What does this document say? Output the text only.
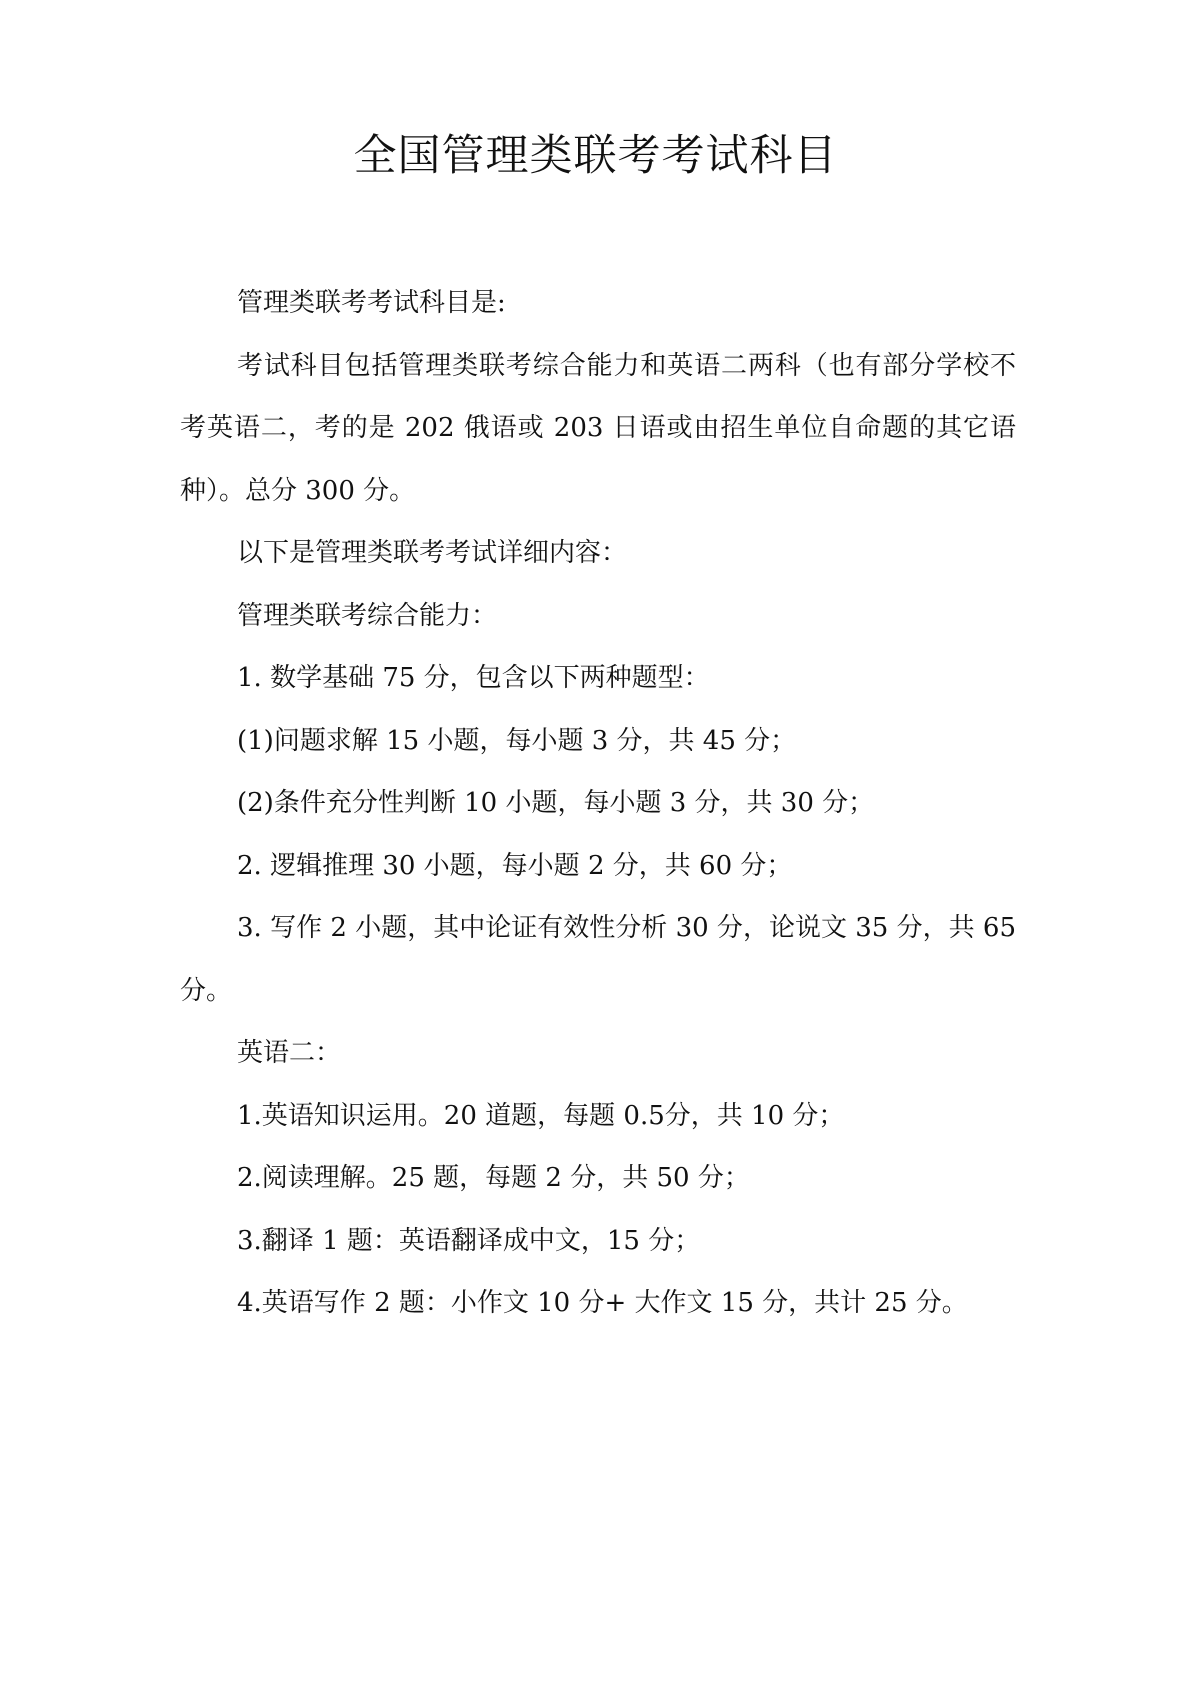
全国管理类联考考试科目

管理类联考考试科目是:

考试科目包括管理类联考综合能力和英语二两科（也有部分学校不考英语二，考的是 202 俄语或 203 日语或由招生单位自命题的其它语种）。总分 300 分。

以下是管理类联考考试详细内容：

管理类联考综合能力：

1. 数学基础 75 分，包含以下两种题型：

(1)问题求解 15 小题，每小题 3 分，共 45 分；

(2)条件充分性判断 10 小题，每小题 3 分，共 30 分；

2. 逻辑推理 30 小题，每小题 2 分，共 60 分；

3. 写作 2 小题，其中论证有效性分析 30 分，论说文 35 分，共 65 分。

英语二：

1.英语知识运用。20 道题，每题 0.5分，共 10 分；

2.阅读理解。25 题，每题 2 分，共 50 分；

3.翻译 1 题：英语翻译成中文，15 分；

4.英语写作 2 题：小作文 10 分+ 大作文 15 分，共计 25 分。
